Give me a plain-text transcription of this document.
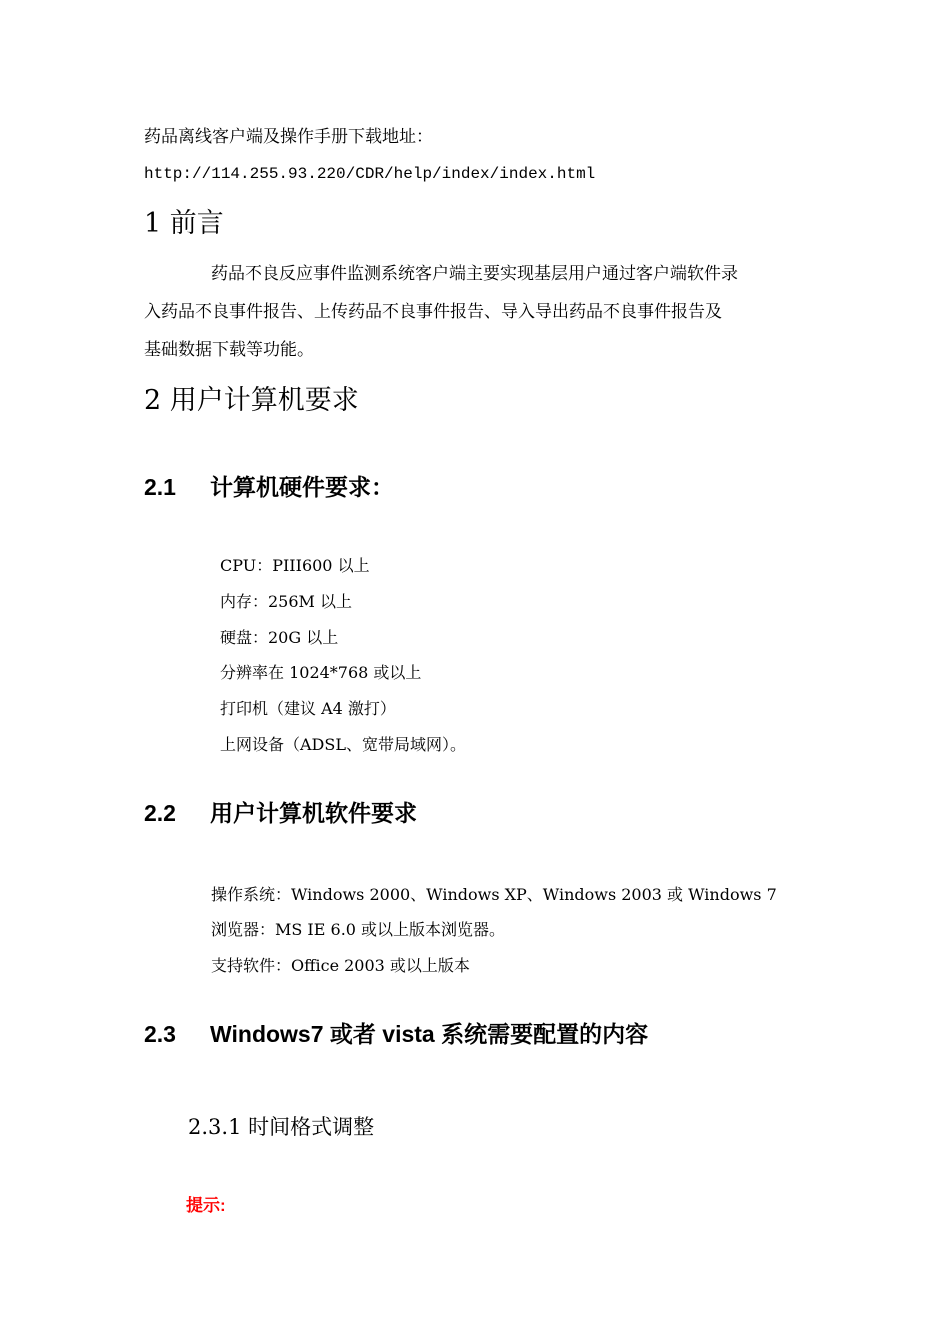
药品离线客户端及操作手册下载地址：
http://114.255.93.220/CDR/help/index/index.html
1 前言
药品不良反应事件监测系统客户端主要实现基层用户通过客户端软件录
入药品不良事件报告、上传药品不良事件报告、导入导出药品不良事件报告及
基础数据下载等功能。
2 用户计算机要求
2.1 计算机硬件要求：
CPU：PIII600 以上
内存：256M 以上
硬盘：20G 以上
分辨率在 1024*768 或以上
打印机（建议 A4 激打）
上网设备（ADSL、宽带局域网）。
2.2 用户计算机软件要求
操作系统：Windows 2000、Windows XP、Windows 2003 或 Windows 7
浏览器：MS IE 6.0 或以上版本浏览器。
支持软件：Office 2003 或以上版本
2.3 Windows7 或者 vista 系统需要配置的内容
2.3.1 时间格式调整
提示:
